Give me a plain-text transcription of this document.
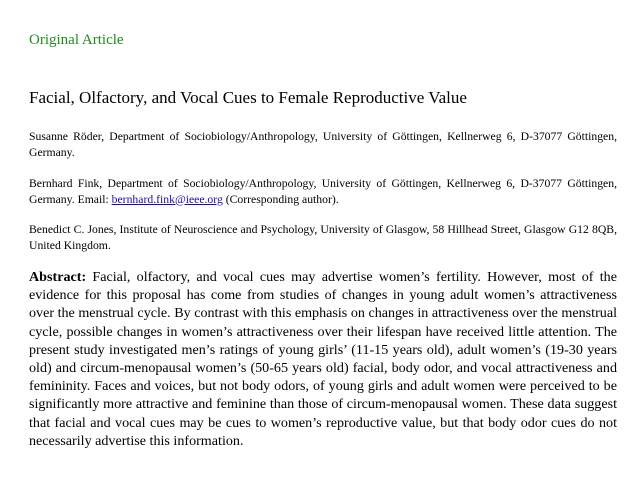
Original Article
Facial, Olfactory, and Vocal Cues to Female Reproductive Value

Susanne Röder, Department of Sociobiology/Anthropology, University of Göttingen, Kellnerweg 6, D-37077 Göttingen, Germany.

Bernhard Fink, Department of Sociobiology/Anthropology, University of Göttingen, Kellnerweg 6, D-37077 Göttingen, Germany. Email: bernhard.fink@ieee.org (Corresponding author).

Benedict C. Jones, Institute of Neuroscience and Psychology, University of Glasgow, 58 Hillhead Street, Glasgow G12 8QB, United Kingdom.

Abstract: Facial, olfactory, and vocal cues may advertise women’s fertility. However, most of the evidence for this proposal has come from studies of changes in young adult women’s attractiveness over the menstrual cycle. By contrast with this emphasis on changes in attractiveness over the menstrual cycle, possible changes in women’s attractiveness over their lifespan have received little attention. The present study investigated men’s ratings of young girls’ (11-15 years old), adult women’s (19-30 years old) and circum-menopausal women’s (50-65 years old) facial, body odor, and vocal attractiveness and femininity. Faces and voices, but not body odors, of young girls and adult women were perceived to be significantly more attractive and feminine than those of circum-menopausal women. These data suggest that facial and vocal cues may be cues to women’s reproductive value, but that body odor cues do not necessarily advertise this information.
